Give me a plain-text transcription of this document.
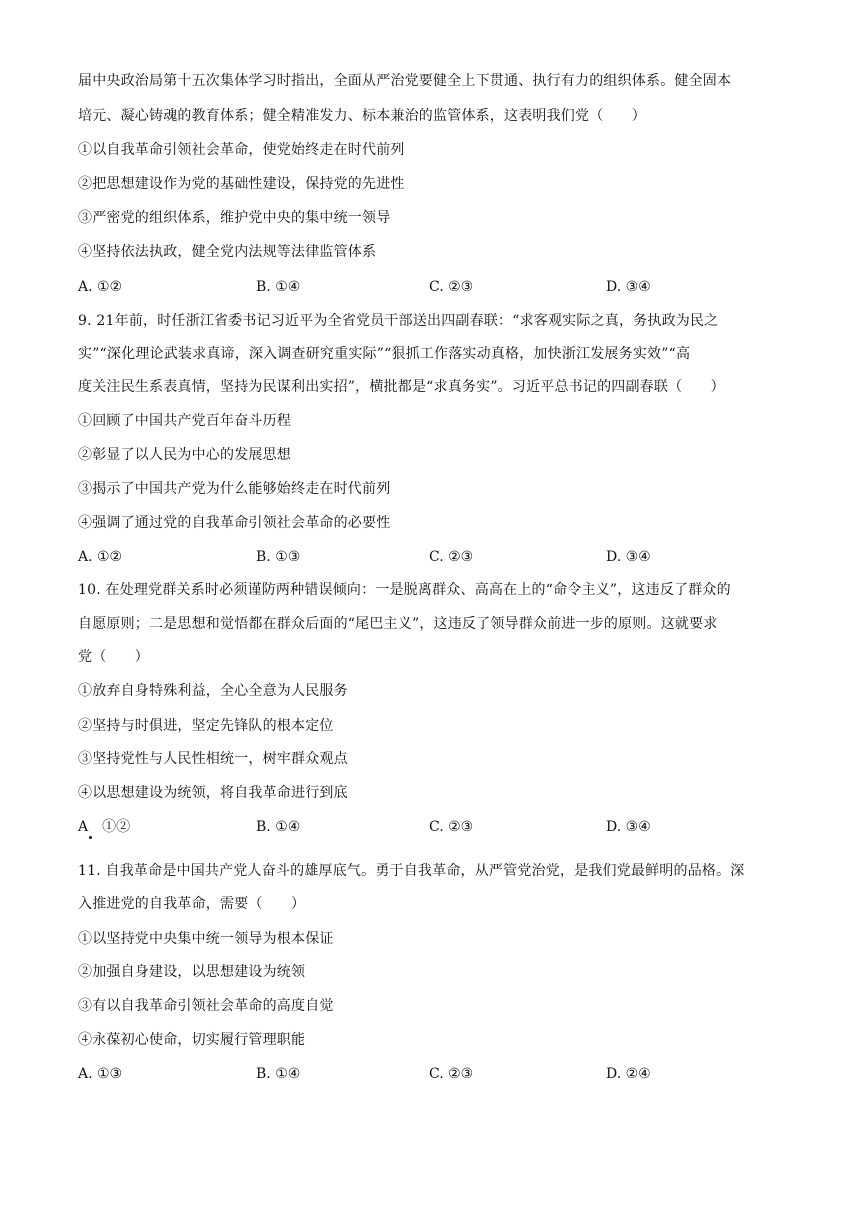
届中央政治局第十五次集体学习时指出，全面从严治党要健全上下贯通、执行有力的组织体系。健全固本
培元、凝心铸魂的教育体系；健全精准发力、标本兼治的监管体系，这表明我们党（　　）
①以自我革命引领社会革命，使党始终走在时代前列
②把思想建设作为党的基础性建设，保持党的先进性
③严密党的组织体系，维护党中央的集中统一领导
④坚持依法执政，健全党内法规等法律监管体系
A. ①②	B. ①④	C. ②③	D. ③④
9. 21年前，时任浙江省委书记习近平为全省党员干部送出四副春联：“求客观实际之真，务执政为民之
实”“深化理论武装求真谛，深入调查研究重实际”“狠抓工作落实动真格，加快浙江发展务实效”“高
度关注民生系表真情，坚持为民谋利出实招”，横批都是“求真务实”。习近平总书记的四副春联（　　）
①回顾了中国共产党百年奋斗历程
②彰显了以人民为中心的发展思想
③揭示了中国共产党为什么能够始终走在时代前列
④强调了通过党的自我革命引领社会革命的必要性
A. ①②	B. ①③	C. ②③	D. ③④
10. 在处理党群关系时必须谨防两种错误倾向：一是脱离群众、高高在上的“命令主义”，这违反了群众的
自愿原则；二是思想和觉悟都在群众后面的“尾巴主义”，这违反了领导群众前进一步的原则。这就要求
党（　　）
①放弃自身特殊利益，全心全意为人民服务
②坚持与时俱进，坚定先锋队的根本定位
③坚持党性与人民性相统一，树牢群众观点
④以思想建设为统领，将自我革命进行到底
A　①②	B. ①④	C. ②③	D. ③④
11. 自我革命是中国共产党人奋斗的雄厚底气。勇于自我革命，从严管党治党，是我们党最鲜明的品格。深
入推进党的自我革命，需要（　　）
①以坚持党中央集中统一领导为根本保证
②加强自身建设，以思想建设为统领
③有以自我革命引领社会革命的高度自觉
④永葆初心使命，切实履行管理职能
A. ①③	B. ①④	C. ②③	D. ②④
